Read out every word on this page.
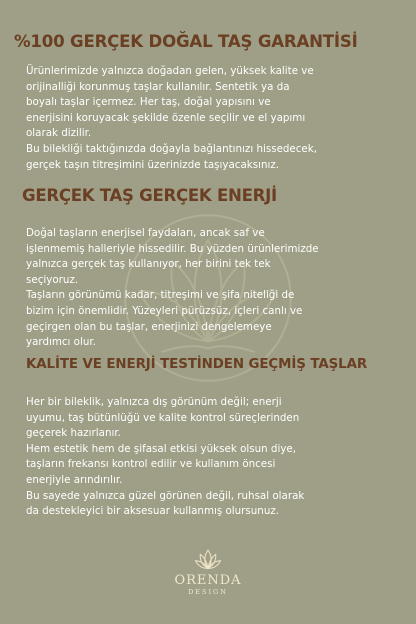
%100 GERÇEK DOĞAL TAŞ GARANTİSİ

Ürünlerimizde yalnızca doğadan gelen, yüksek kalite ve
orijinalliği korunmuş taşlar kullanılır. Sentetik ya da
boyalı taşlar içermez. Her taş, doğal yapısını ve
enerjisini koruyacak şekilde özenle seçilir ve el yapımı
olarak dizilir.
Bu bilekliği taktığınızda doğayla bağlantınızı hissedecek,
gerçek taşın titreşimini üzerinizde taşıyacaksınız.

GERÇEK TAŞ GERÇEK ENERJİ

Doğal taşların enerjisel faydaları, ancak saf ve
işlenmemiş halleriyle hissedilir. Bu yüzden ürünlerimizde
yalnızca gerçek taş kullanıyor, her birini tek tek
seçiyoruz.
Taşların görünümü kadar, titreşimi ve şifa niteliği de
bizim için önemlidir. Yüzeyleri pürüzsüz, içleri canlı ve
geçirgen olan bu taşlar, enerjinizi dengelemeye
yardımcı olur.

KALİTE VE ENERJİ TESTİNDEN GEÇMİŞ TAŞLAR

Her bir bileklik, yalnızca dış görünüm değil; enerji
uyumu, taş bütünlüğü ve kalite kontrol süreçlerinden
geçerek hazırlanır.
Hem estetik hem de şifasal etkisi yüksek olsun diye,
taşların frekansı kontrol edilir ve kullanım öncesi
enerjiyle arındırılır.
Bu sayede yalnızca güzel görünen değil, ruhsal olarak
da destekleyici bir aksesuar kullanmış olursunuz.

ORENDA
DESIGN
